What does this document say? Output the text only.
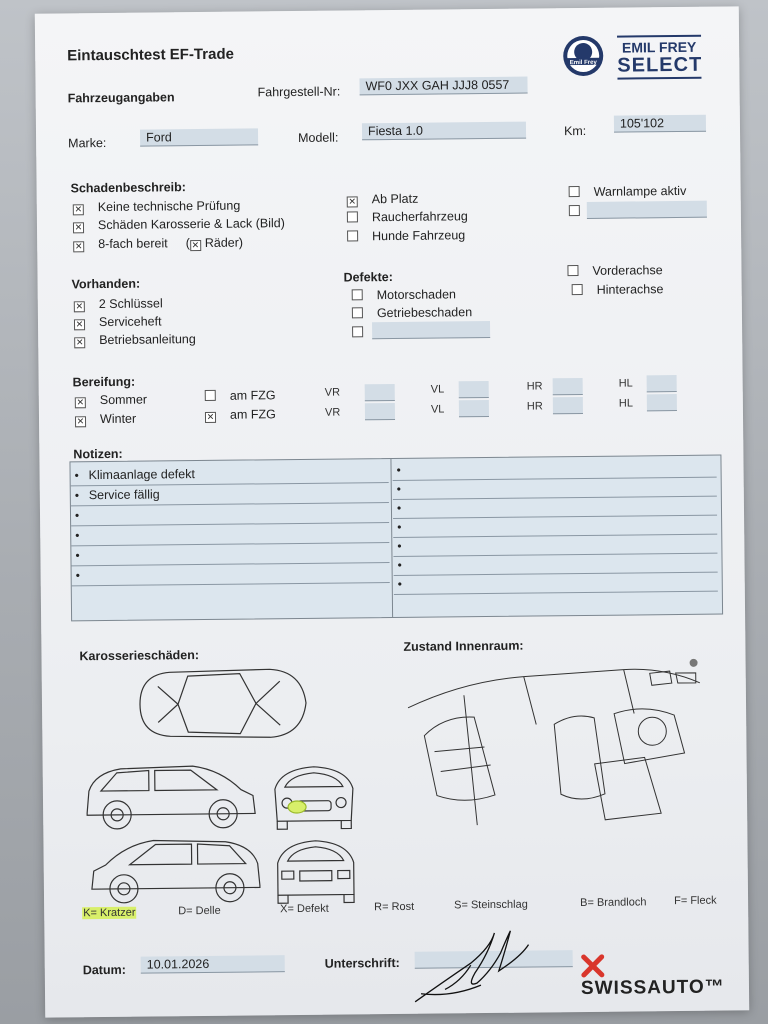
Eintauschtest EF-Trade	Emil Frey
EMIL FREY
SELECT
Fahrzeugangaben	Fahrgestell-Nr:	WF0 JXX GAH JJJ8 0557
Marke:	Ford	Modell:	Fiesta 1.0	Km:
105'102
Schadenbeschreib:
✕Keine technische Prüfung
✕Schäden Karosserie & Lack (Bild)
✕8-fach bereit (✕ Räder)
✕Ab Platz
Raucherfahrzeug
Hunde Fahrzeug
Warnlampe aktiv
Vorhanden:
✕2 Schlüssel
✕Serviceheft
✕Betriebsanleitung
Defekte:
Motorschaden
Getriebeschaden
Vorderachse
Hinterachse
Bereifung:
✕Sommer
✕Winter
am FZG
✕am FZG
VR	VL	HR	HL
VR	VL	HR	HL
Notizen:
• Klimaanlage defekt
• Service fällig
•
•
•
•
•
•
•
•
•
•
•
Karosserieschäden:
Zustand Innenraum:
K= Kratzer	D= Delle	X= Defekt	R= Rost	S= Steinschlag	B= Brandloch	F= Fleck
Datum:	10.01.2026	Unterschrift:
SWISSAUTO™
